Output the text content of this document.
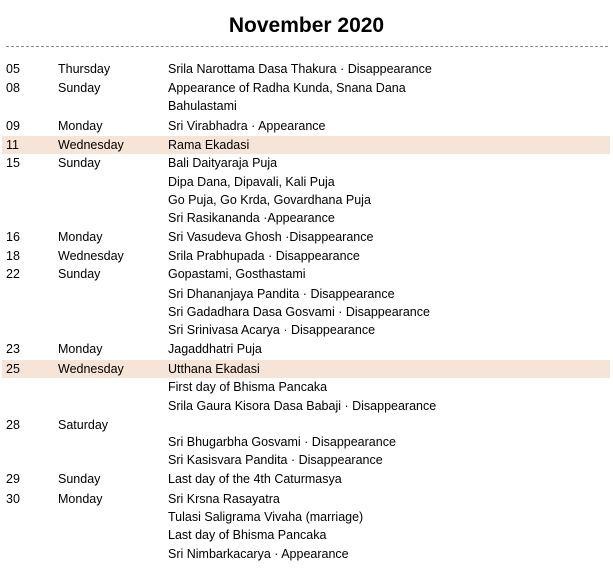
November 2020
05	Thursday	Srila Narottama Dasa Thakura · Disappearance
08	Sunday	Appearance of Radha Kunda, Snana Dana
Bahulastami
09	Monday	Sri Virabhadra · Appearance
11	Wednesday	Rama Ekadasi
15	Sunday	Bali Daityaraja Puja
Dipa Dana, Dipavali, Kali Puja
Go Puja, Go Krda, Govardhana Puja
Sri Rasikananda ·Appearance
16	Monday	Sri Vasudeva Ghosh ·Disappearance
18	Wednesday	Srila Prabhupada · Disappearance
22	Sunday	Gopastami, Gosthastami
Sri Dhananjaya Pandita · Disappearance
Sri Gadadhara Dasa Gosvami · Disappearance
Sri Srinivasa Acarya · Disappearance
23	Monday	Jagaddhatri Puja
25	Wednesday	Utthana Ekadasi
First day of Bhisma Pancaka
Srila Gaura Kisora Dasa Babaji · Disappearance
28	Saturday
Sri Bhugarbha Gosvami · Disappearance
Sri Kasisvara Pandita · Disappearance
29	Sunday	Last day of the 4th Caturmasya
30	Monday	Sri Krsna Rasayatra
Tulasi Saligrama Vivaha (marriage)
Last day of Bhisma Pancaka
Sri Nimbarkacarya · Appearance
